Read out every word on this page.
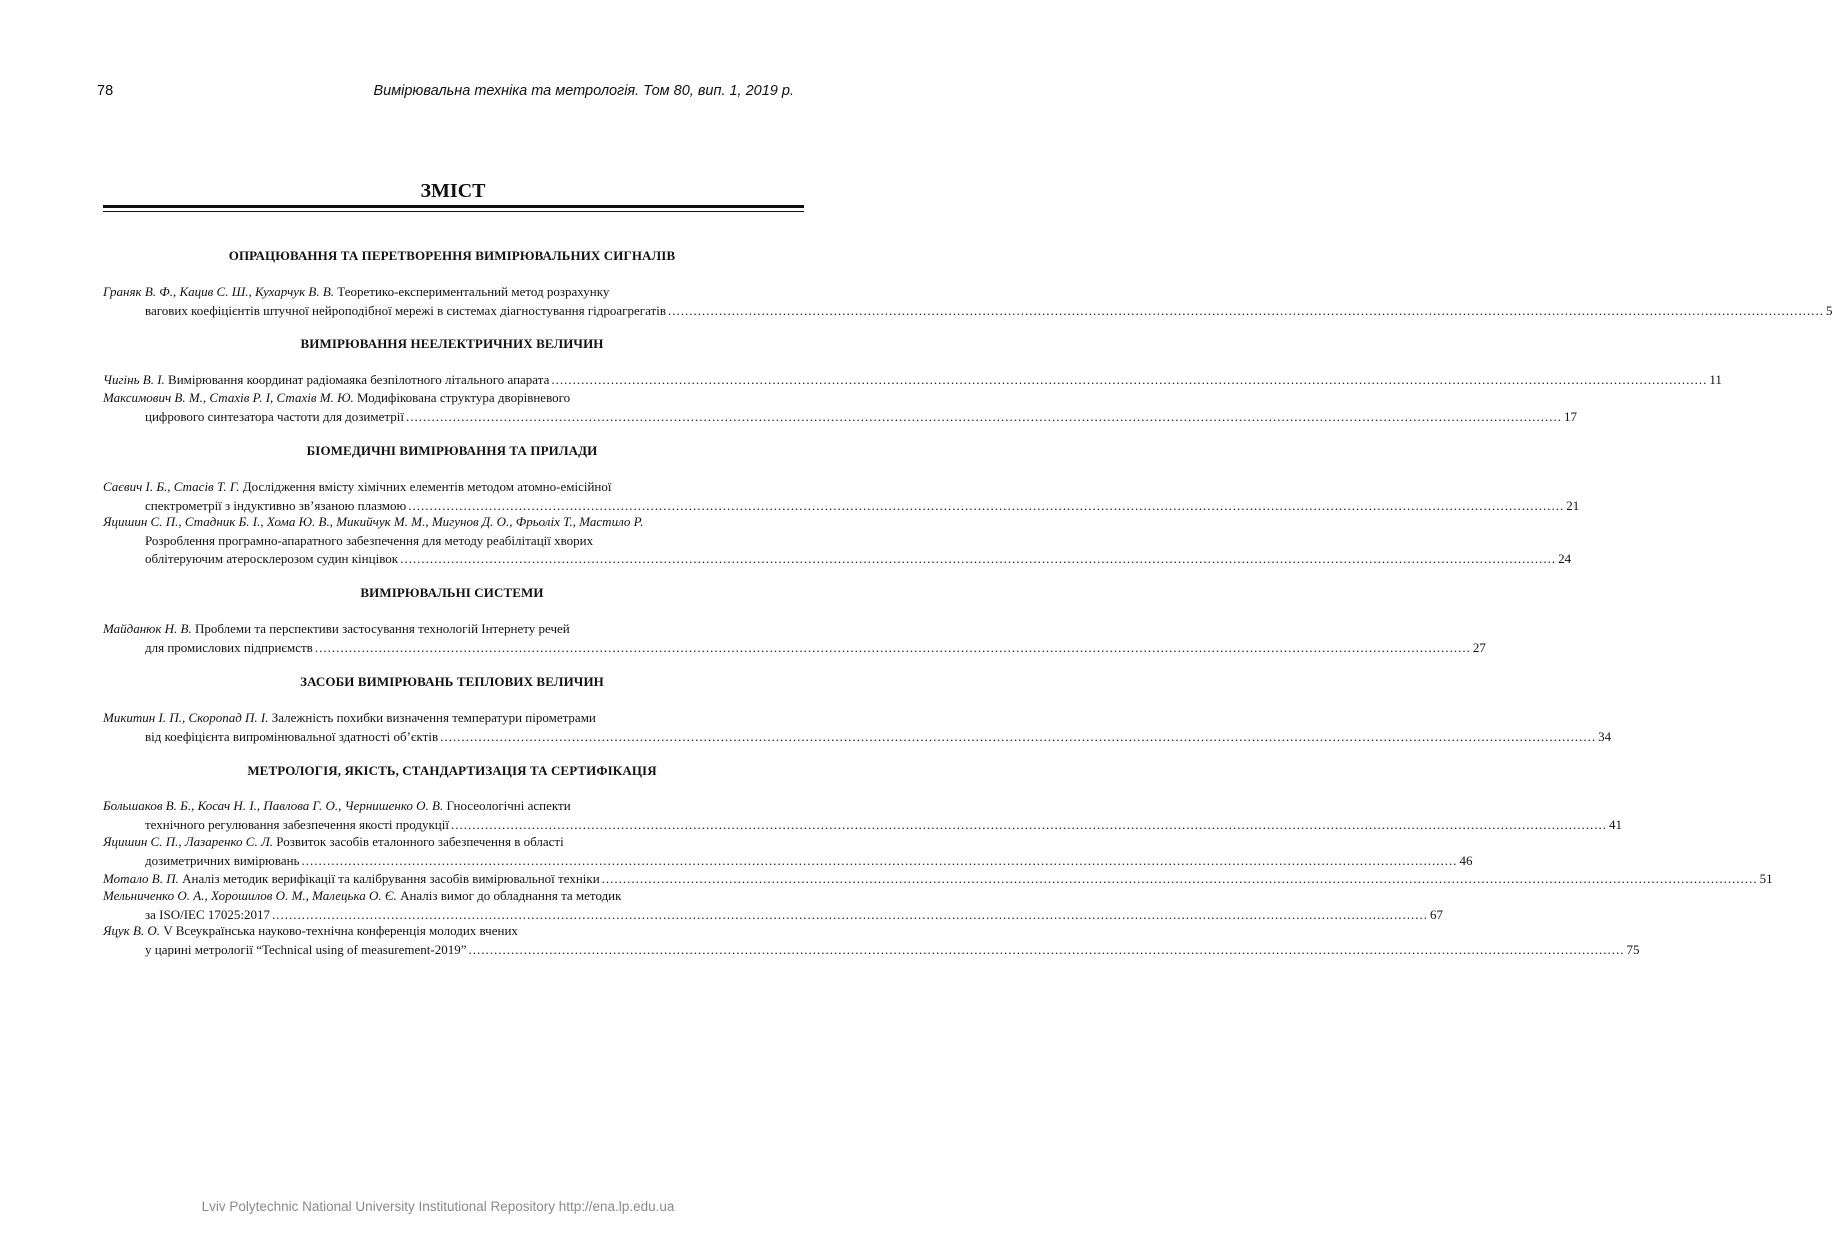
78	Вимірювальна техніка та метрологія. Том 80, вип. 1, 2019 р.
ЗМІСТ
ОПРАЦЮВАННЯ ТА ПЕРЕТВОРЕННЯ ВИМІРЮВАЛЬНИХ СИГНАЛІВ
Граняк В. Ф., Кацив С. Ш., Кухарчук В. В. Теоретико-експериментальний метод розрахунку
вагових коефіцієнтів штучної нейроподібної мережі в системах діагностування гідроагрегатів .....	5
ВИМІРЮВАННЯ НЕЕЛЕКТРИЧНИХ ВЕЛИЧИН
Чигінь В. І. Вимірювання координат радіомаяка безпілотного літального апарата .....	11
Максимович В. М., Стахів Р. І, Стахів М. Ю. Модифікована структура дворівневого
цифрового синтезатора частоти для дозиметрії .....	17
БІОМЕДИЧНІ ВИМІРЮВАННЯ ТА ПРИЛАДИ
Саєвич І. Б., Стасів Т. Г. Дослідження вмісту хімічних елементів методом атомно-емісійної
спектрометрії з індуктивно зв’язаною плазмою .....	21
Яцишин С. П., Стадник Б. І., Хома Ю. В., Микийчук М. М., Мигунов Д. О., Фрьоліх Т., Мастило Р.
Розроблення програмно-апаратного забезпечення для методу реабілітації хворих
облітеруючим атеросклерозом судин кінцівок .....	24
ВИМІРЮВАЛЬНІ СИСТЕМИ
Майданюк Н. В. Проблеми та перспективи застосування технологій Інтернету речей
для промислових підприємств .....	27
ЗАСОБИ ВИМІРЮВАНЬ ТЕПЛОВИХ ВЕЛИЧИН
Микитин І. П., Скоропад П. І. Залежність похибки визначення температури пірометрами
від коефіцієнта випромінювальної здатності об’єктів .....	34
МЕТРОЛОГІЯ, ЯКІСТЬ, СТАНДАРТИЗАЦІЯ ТА СЕРТИФІКАЦІЯ
Большаков В. Б., Косач Н. І., Павлова Г. О., Чернишенко О. В. Гносеологічні аспекти
технічного регулювання забезпечення якості продукції .....	41
Яцишин С. П., Лазаренко С. Л. Розвиток засобів еталонного забезпечення в області
дозиметричних вимірювань .....	46
Мотало В. П. Аналіз методик верифікації та калібрування засобів вимірювальної техніки .....	51
Мельниченко О. А., Хорошилов О. М., Малецька О. Є. Аналіз вимог до обладнання та методик
за ISO/IEC 17025:2017 .....	67
Яцук В. О. V Всеукраїнська науково-технічна конференція молодих вчених
у царині метрології “Technical using of measurement-2019” .....	75
Lviv Polytechnic National University Institutional Repository http://ena.lp.edu.ua
